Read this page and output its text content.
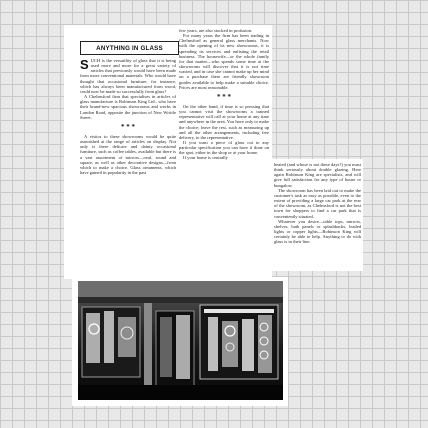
ANYTHING IN GLASS

SUCH is the versatility of glass that it is being used more and more for a great variety of articles that previously would have been made from more conventional materials. Who would have thought that occasional furniture, for instance, which has always been manufactured from wood, could now be made so successfully from glass?

A Chelmsford firm that specialises in articles of glass manufacture is Robinson King Ltd., who have their brand-new spacious showrooms and works in London Road, opposite the junction of New Writtle Street.

* * *

A visitor to these showrooms would be quite astonished at the range of articles on display. Not only is there delicate and dainty occasional furniture, such as coffee tables, available but there is a vast assortment of mirrors—oval, round and square, as well as other decorative designs—from which to make a choice. Glass ornaments, which have gained in popularity in the past

few years, are also stocked in profusion.

For many years the firm has been trading in Chelmsford as general glass merchants. Now with the opening of its new showrooms, it is spreading its services and enlisting the retail business. The housewife—or the whole family for that matter—who spends some time at the showrooms will discover that it is not time wasted, and in case she cannot make up her mind on a purchase there are friendly showroom guides available to help make a suitable choice. Prices are most reasonable.

* * *

On the other hand, if time is so pressing that you cannot visit the showrooms a trained representative will call at your home at any time and anywhere in the area. You have only to make the choice; leave the rest, such as measuring up and all the other arrangements, including free delivery, to the representative.

If you want a piece of glass cut to any particular specification you can have it done on the spot, either in the shop or at your home.

If your home is centrally

heated (and whose is not these days?) you must think seriously about double glazing. Here again Robinson King are specialists, and will give full satisfaction for any type of house or bungalow.

The showroom has been laid out to make the customer's task as easy as possible, even to the extent of providing a large car park at the rear of the showroom, as Chelmsford is not the best town for shoppers to find a car park that is conveniently situated.

Whatever you desire—table tops, mirrors, shelves, bath panels or splashbacks, leaded lights or copper lights—Robinson King will certainly be able to help. Anything to do with glass is in their line.
